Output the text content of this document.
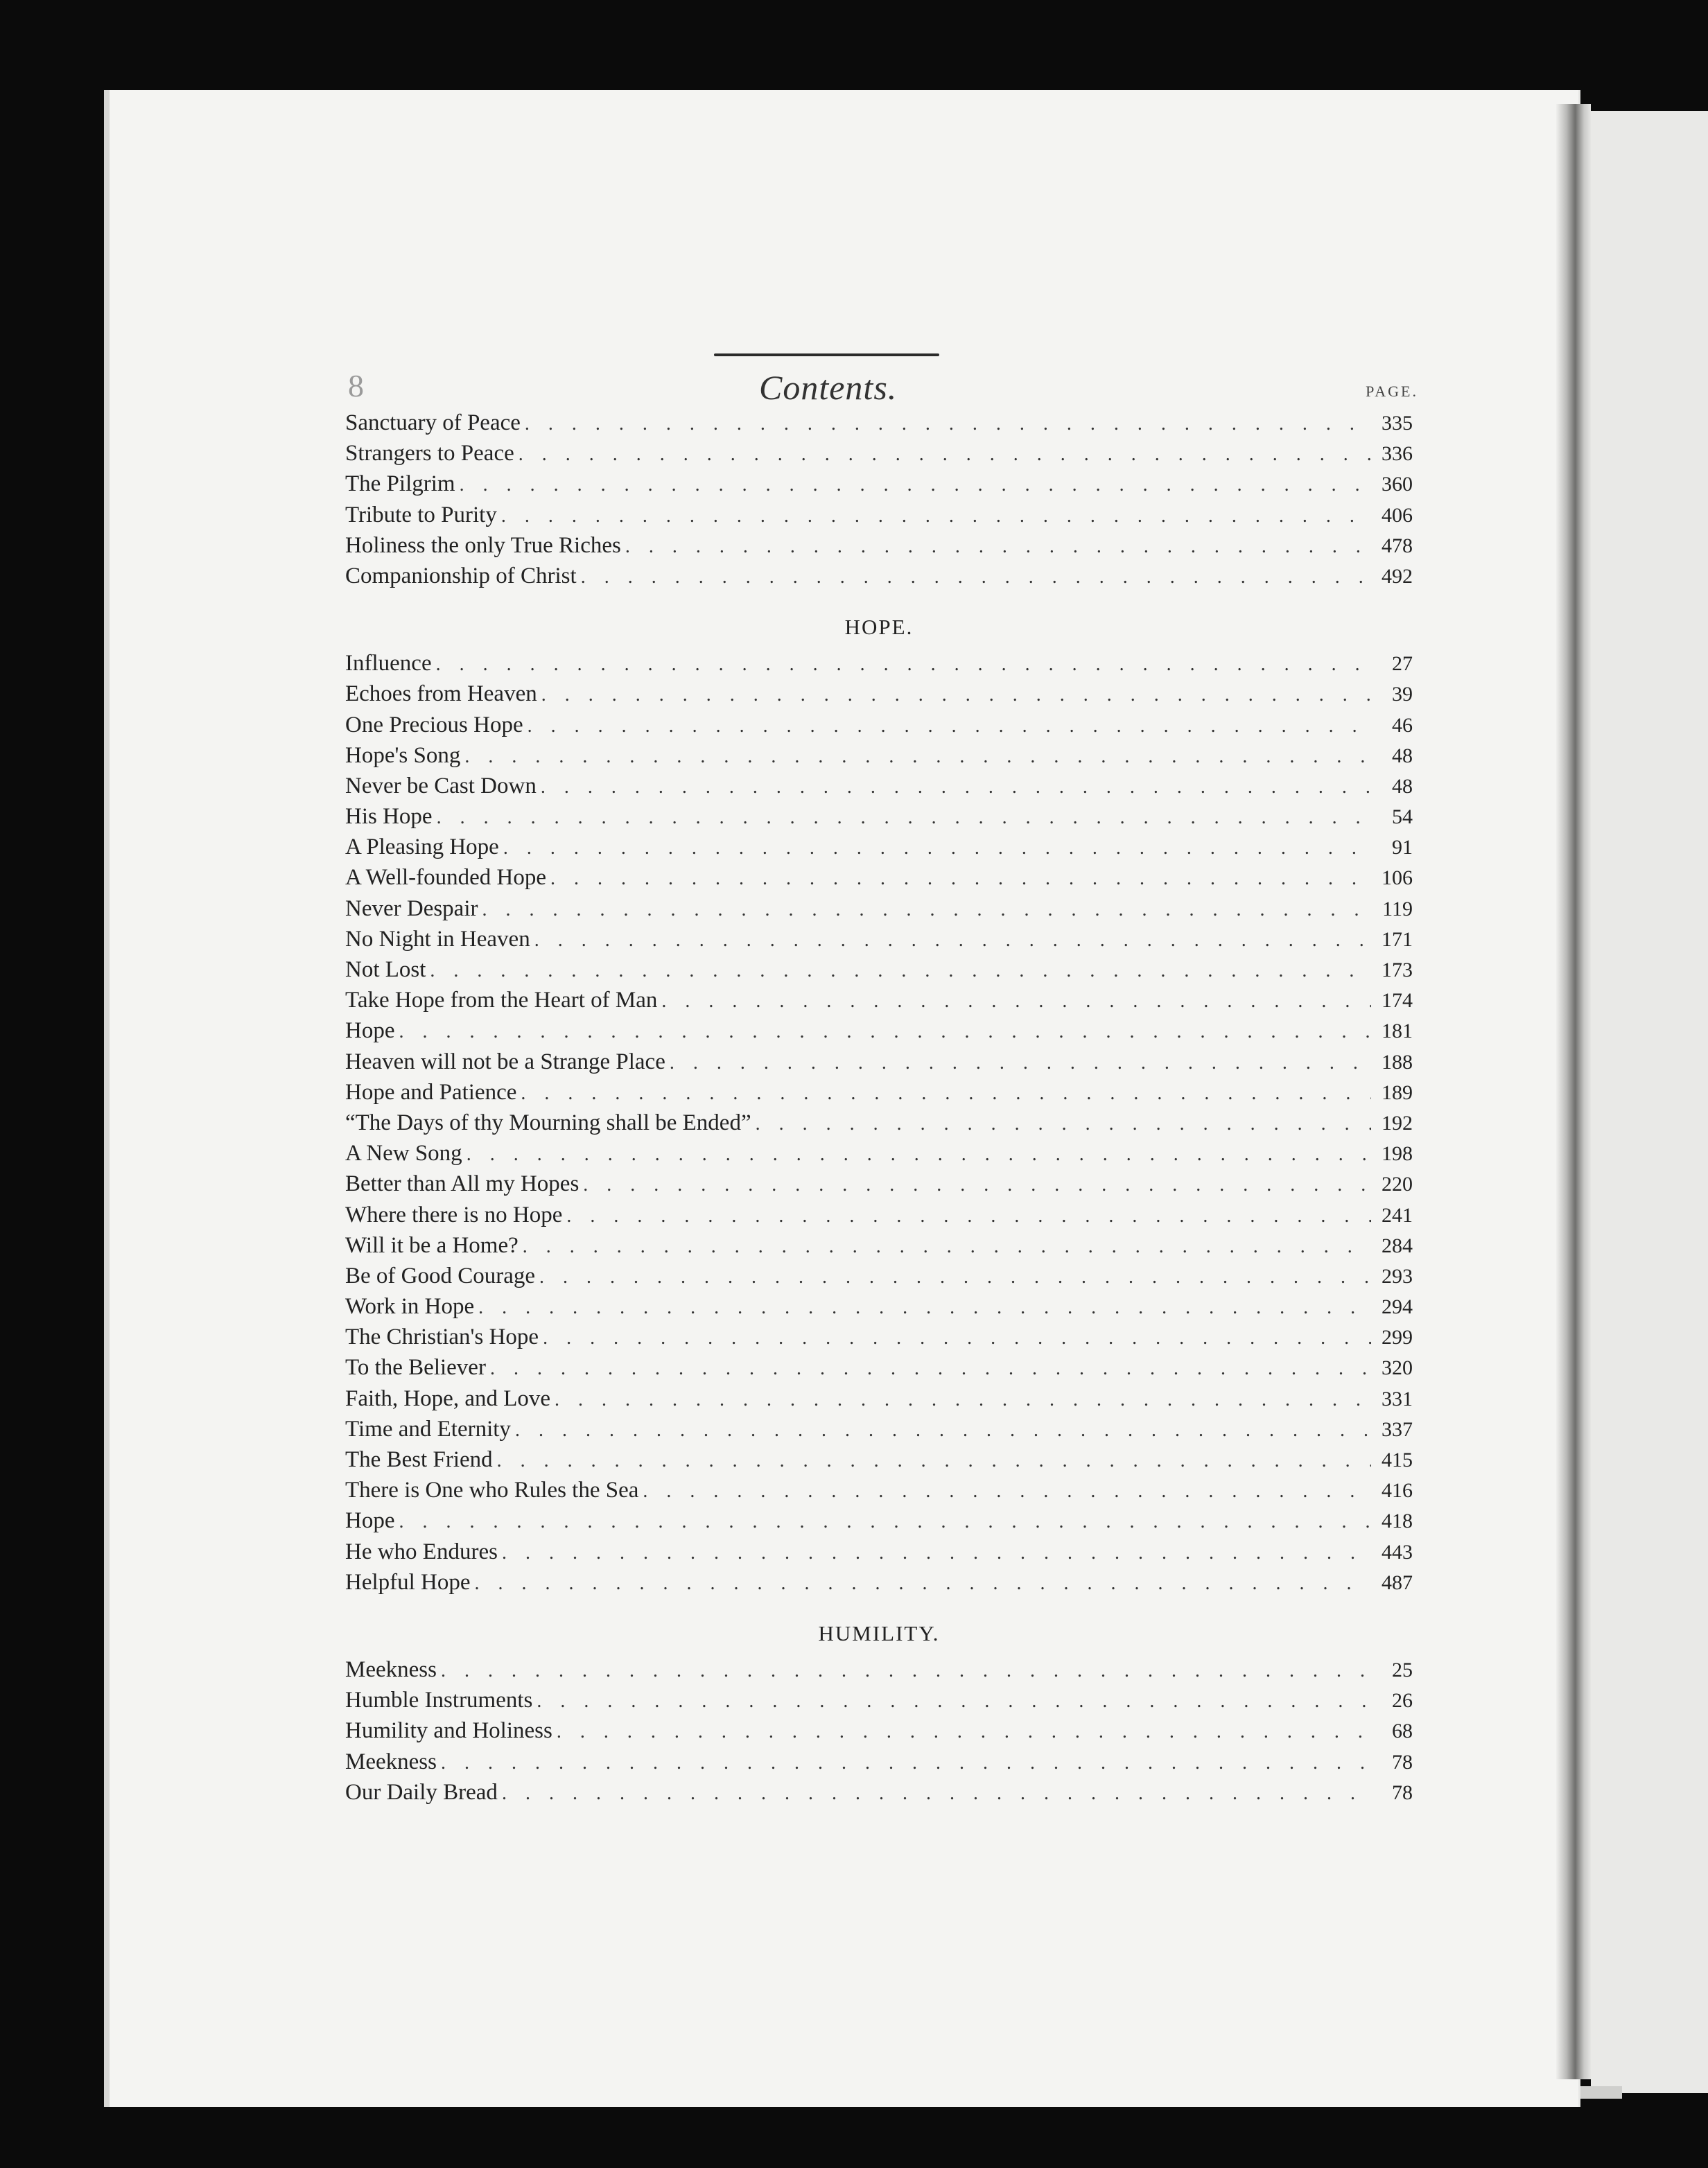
8	Contents.	PAGE.
Sanctuary of Peace . . .	335
Strangers to Peace . . .	336
The Pilgrim . . .	360
Tribute to Purity . . .	406
Holiness the only True Riches . . .	478
Companionship of Christ . . .	492
HOPE.
Influence . . .	27
Echoes from Heaven . . .	39
One Precious Hope . . .	46
Hope's Song . . .	48
Never be Cast Down . . .	48
His Hope . . .	54
A Pleasing Hope . . .	91
A Well-founded Hope . . .	106
Never Despair . . .	119
No Night in Heaven . . .	171
Not Lost . . .	173
Take Hope from the Heart of Man . . .	174
Hope . . .	181
Heaven will not be a Strange Place . . .	188
Hope and Patience . . .	189
“The Days of thy Mourning shall be Ended” . . .	192
A New Song . . .	198
Better than All my Hopes . . .	220
Where there is no Hope . . .	241
Will it be a Home? . . .	284
Be of Good Courage . . .	293
Work in Hope . . .	294
The Christian's Hope . . .	299
To the Believer . . .	320
Faith, Hope, and Love . . .	331
Time and Eternity . . .	337
The Best Friend . . .	415
There is One who Rules the Sea . . .	416
Hope . . .	418
He who Endures . . .	443
Helpful Hope . . .	487
HUMILITY.
Meekness . . .	25
Humble Instruments . . .	26
Humility and Holiness . . .	68
Meekness . . .	78
Our Daily Bread . . .	78
